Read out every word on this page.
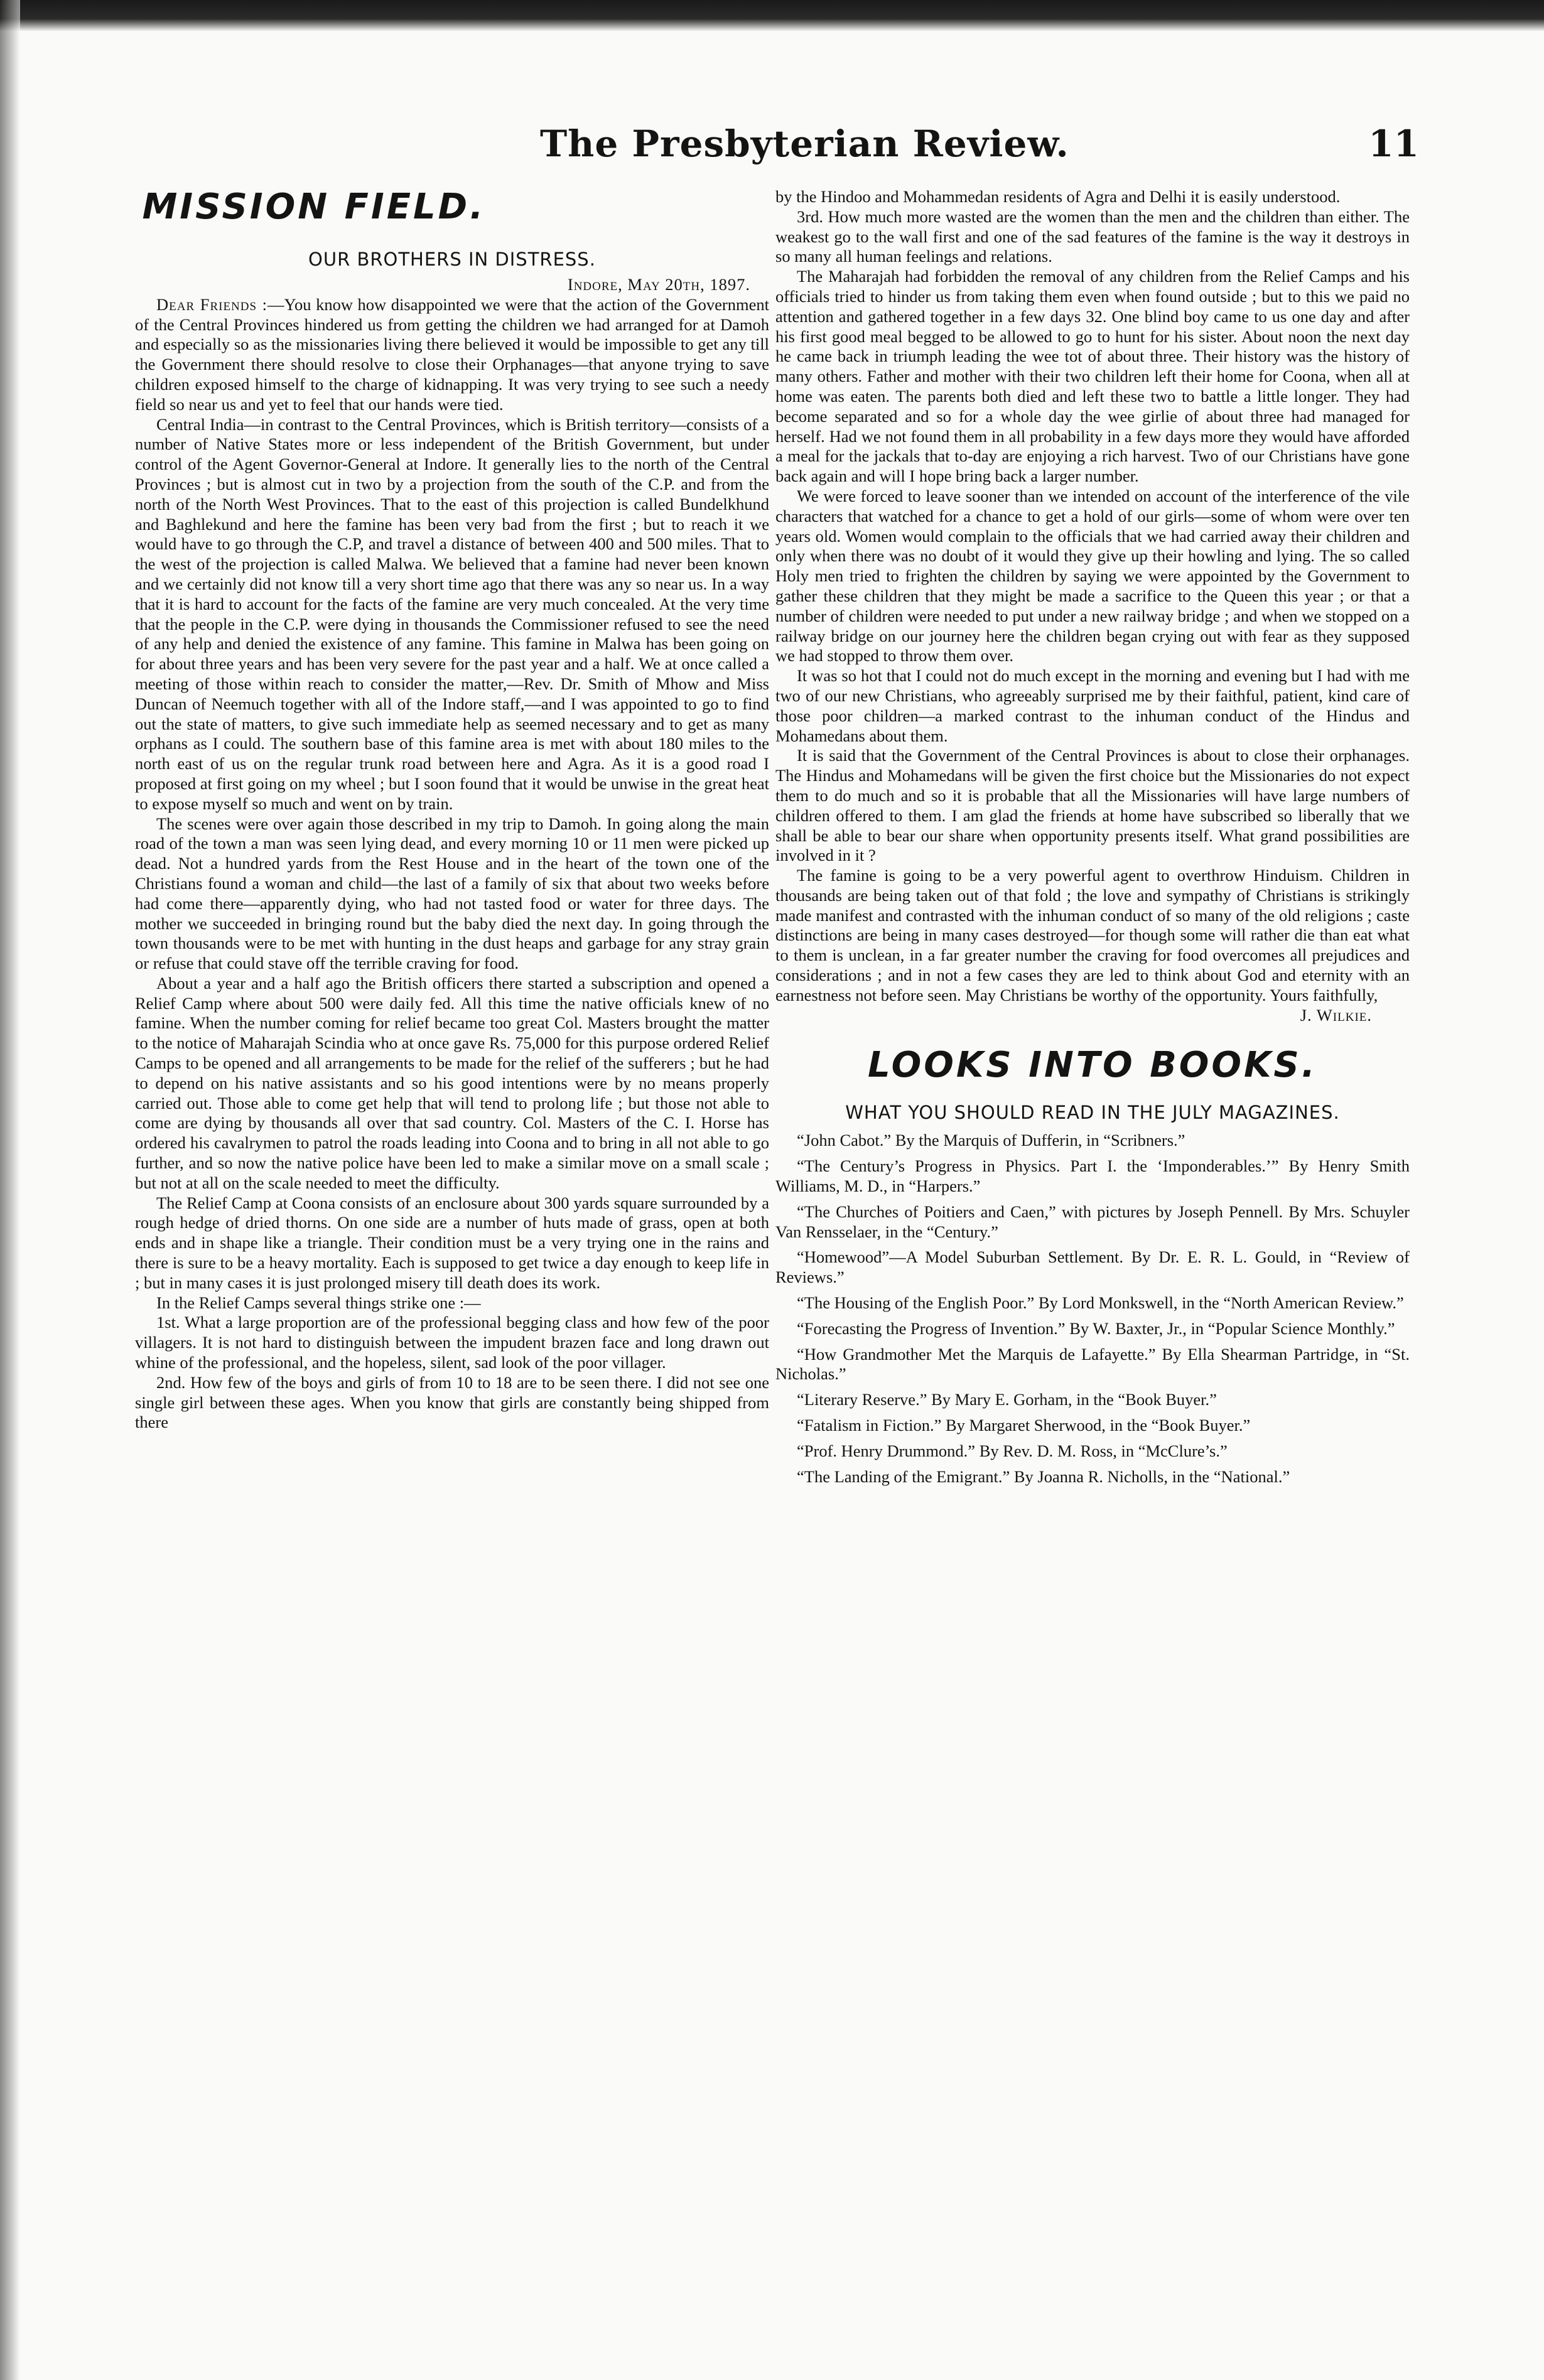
The Presbyterian Review.	11
MISSION FIELD.
OUR BROTHERS IN DISTRESS.

Indore, May 20th, 1897.

Dear Friends :—You know how disappointed we were that the action of the Government of the Central Provinces hindered us from getting the children we had arranged for at Damoh and especially so as the missionaries living there believed it would be impossible to get any till the Government there should resolve to close their Orphanages—that anyone trying to save children exposed himself to the charge of kidnapping. It was very trying to see such a needy field so near us and yet to feel that our hands were tied.

Central India—in contrast to the Central Provinces, which is British territory—consists of a number of Native States more or less independent of the British Government, but under control of the Agent Governor-General at Indore. It generally lies to the north of the Central Provinces ; but is almost cut in two by a projection from the south of the C.P. and from the north of the North West Provinces. That to the east of this projection is called Bundelkhund and Baghlekund and here the famine has been very bad from the first ; but to reach it we would have to go through the C.P, and travel a distance of between 400 and 500 miles. That to the west of the projection is called Malwa. We believed that a famine had never been known and we certainly did not know till a very short time ago that there was any so near us. In a way that it is hard to account for the facts of the famine are very much concealed. At the very time that the people in the C.P. were dying in thousands the Commissioner refused to see the need of any help and denied the existence of any famine. This famine in Malwa has been going on for about three years and has been very severe for the past year and a half. We at once called a meeting of those within reach to consider the matter,—Rev. Dr. Smith of Mhow and Miss Duncan of Neemuch together with all of the Indore staff,—and I was appointed to go to find out the state of matters, to give such immediate help as seemed necessary and to get as many orphans as I could. The southern base of this famine area is met with about 180 miles to the north east of us on the regular trunk road between here and Agra. As it is a good road I proposed at first going on my wheel ; but I soon found that it would be unwise in the great heat to expose myself so much and went on by train.

The scenes were over again those described in my trip to Damoh. In going along the main road of the town a man was seen lying dead, and every morning 10 or 11 men were picked up dead. Not a hundred yards from the Rest House and in the heart of the town one of the Christians found a woman and child—the last of a family of six that about two weeks before had come there—apparently dying, who had not tasted food or water for three days. The mother we succeeded in bringing round but the baby died the next day. In going through the town thousands were to be met with hunting in the dust heaps and garbage for any stray grain or refuse that could stave off the terrible craving for food.

About a year and a half ago the British officers there started a subscription and opened a Relief Camp where about 500 were daily fed. All this time the native officials knew of no famine. When the number coming for relief became too great Col. Masters brought the matter to the notice of Maharajah Scindia who at once gave Rs. 75,000 for this purpose ordered Relief Camps to be opened and all arrangements to be made for the relief of the sufferers ; but he had to depend on his native assistants and so his good intentions were by no means properly carried out. Those able to come get help that will tend to prolong life ; but those not able to come are dying by thousands all over that sad country. Col. Masters of the C. I. Horse has ordered his cavalrymen to patrol the roads leading into Coona and to bring in all not able to go further, and so now the native police have been led to make a similar move on a small scale ; but not at all on the scale needed to meet the difficulty.

The Relief Camp at Coona consists of an enclosure about 300 yards square surrounded by a rough hedge of dried thorns. On one side are a number of huts made of grass, open at both ends and in shape like a triangle. Their condition must be a very trying one in the rains and there is sure to be a heavy mortality. Each is supposed to get twice a day enough to keep life in ; but in many cases it is just prolonged misery till death does its work.

In the Relief Camps several things strike one :—

1st. What a large proportion are of the professional begging class and how few of the poor villagers. It is not hard to distinguish between the impudent brazen face and long drawn out whine of the professional, and the hopeless, silent, sad look of the poor villager.

2nd. How few of the boys and girls of from 10 to 18 are to be seen there. I did not see one single girl between these ages. When you know that girls are constantly being shipped from there

by the Hindoo and Mohammedan residents of Agra and Delhi it is easily understood.

3rd. How much more wasted are the women than the men and the children than either. The weakest go to the wall first and one of the sad features of the famine is the way it destroys in so many all human feelings and relations.

The Maharajah had forbidden the removal of any children from the Relief Camps and his officials tried to hinder us from taking them even when found outside ; but to this we paid no attention and gathered together in a few days 32. One blind boy came to us one day and after his first good meal begged to be allowed to go to hunt for his sister. About noon the next day he came back in triumph leading the wee tot of about three. Their history was the history of many others. Father and mother with their two children left their home for Coona, when all at home was eaten. The parents both died and left these two to battle a little longer. They had become separated and so for a whole day the wee girlie of about three had managed for herself. Had we not found them in all probability in a few days more they would have afforded a meal for the jackals that to-day are enjoying a rich harvest. Two of our Christians have gone back again and will I hope bring back a larger number.

We were forced to leave sooner than we intended on account of the interference of the vile characters that watched for a chance to get a hold of our girls—some of whom were over ten years old. Women would complain to the officials that we had carried away their children and only when there was no doubt of it would they give up their howling and lying. The so called Holy men tried to frighten the children by saying we were appointed by the Government to gather these children that they might be made a sacrifice to the Queen this year ; or that a number of children were needed to put under a new railway bridge ; and when we stopped on a railway bridge on our journey here the children began crying out with fear as they supposed we had stopped to throw them over.

It was so hot that I could not do much except in the morning and evening but I had with me two of our new Christians, who agreeably surprised me by their faithful, patient, kind care of those poor children—a marked contrast to the inhuman conduct of the Hindus and Mohamedans about them.

It is said that the Government of the Central Provinces is about to close their orphanages. The Hindus and Mohamedans will be given the first choice but the Missionaries do not expect them to do much and so it is probable that all the Missionaries will have large numbers of children offered to them. I am glad the friends at home have subscribed so liberally that we shall be able to bear our share when opportunity presents itself. What grand possibilities are involved in it ?

The famine is going to be a very powerful agent to overthrow Hinduism. Children in thousands are being taken out of that fold ; the love and sympathy of Christians is strikingly made manifest and contrasted with the inhuman conduct of so many of the old religions ; caste distinctions are being in many cases destroyed—for though some will rather die than eat what to them is unclean, in a far greater number the craving for food overcomes all prejudices and considerations ; and in not a few cases they are led to think about God and eternity with an earnestness not before seen. May Christians be worthy of the opportunity. Yours faithfully,

J. Wilkie.

LOOKS INTO BOOKS.
WHAT YOU SHOULD READ IN THE JULY MAGAZINES.

“John Cabot.” By the Marquis of Dufferin, in “Scribners.”

“The Century’s Progress in Physics. Part I. the ‘Imponderables.’” By Henry Smith Williams, M. D., in “Harpers.”

“The Churches of Poitiers and Caen,” with pictures by Joseph Pennell. By Mrs. Schuyler Van Rensselaer, in the “Century.”

“Homewood”—A Model Suburban Settlement. By Dr. E. R. L. Gould, in “Review of Reviews.”

“The Housing of the English Poor.” By Lord Monkswell, in the “North American Review.”

“Forecasting the Progress of Invention.” By W. Baxter, Jr., in “Popular Science Monthly.”

“How Grandmother Met the Marquis de Lafayette.” By Ella Shearman Partridge, in “St. Nicholas.”

“Literary Reserve.” By Mary E. Gorham, in the “Book Buyer.”

“Fatalism in Fiction.” By Margaret Sherwood, in the “Book Buyer.”

“Prof. Henry Drummond.” By Rev. D. M. Ross, in “McClure’s.”

“The Landing of the Emigrant.” By Joanna R. Nicholls, in the “National.”
